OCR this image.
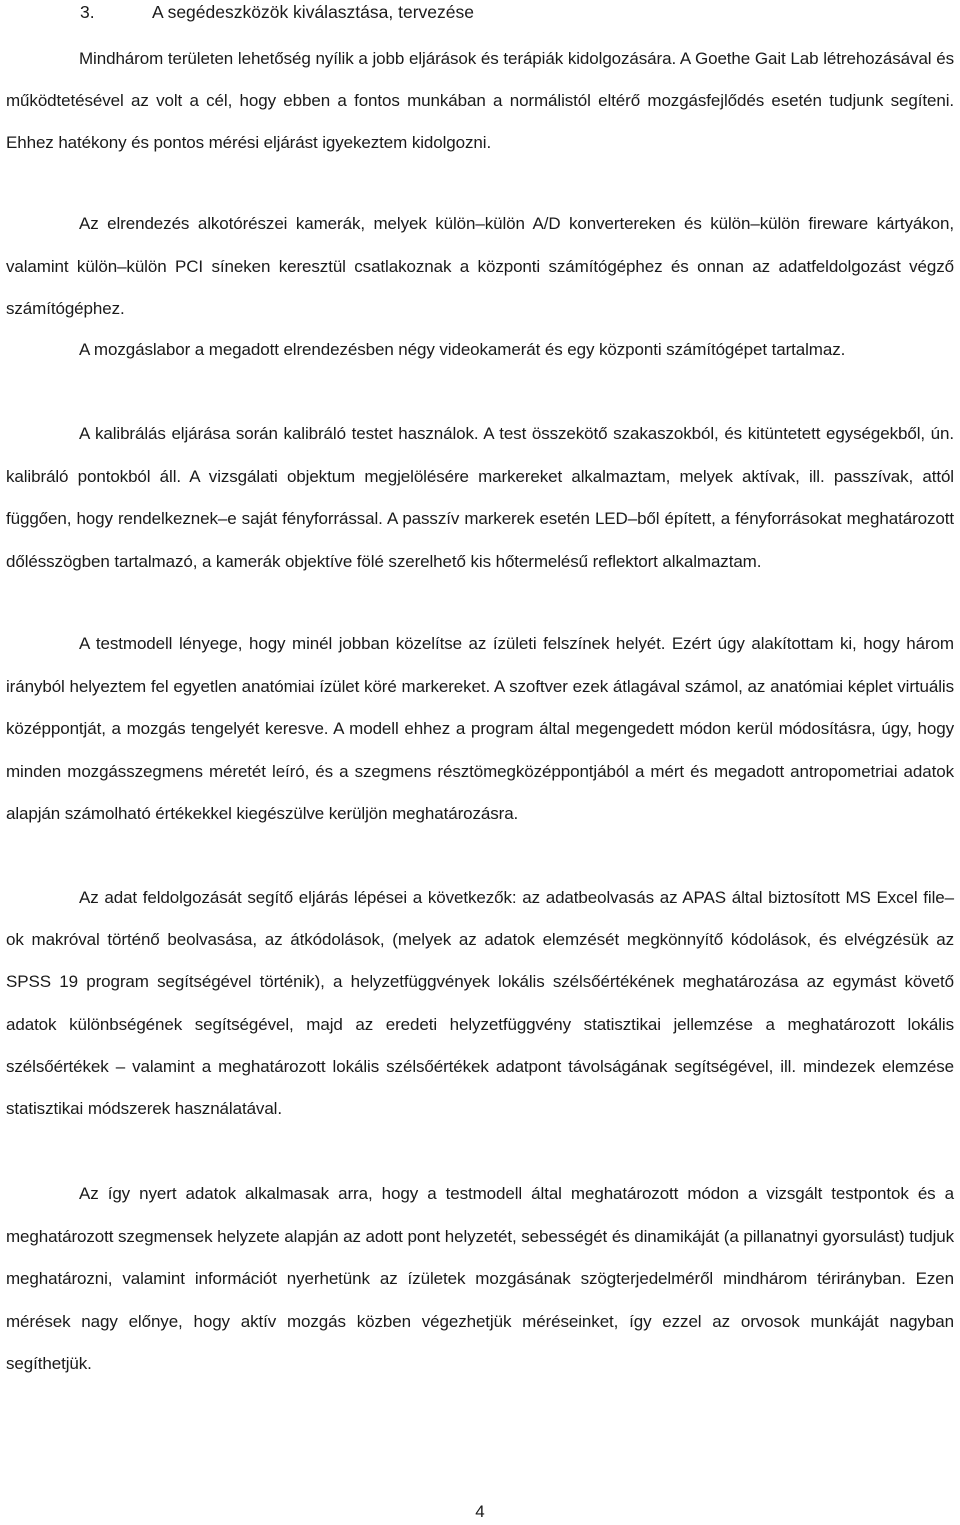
3.	A segédeszközök kiválasztása, tervezése

Mindhárom területen lehetőség nyílik a jobb eljárások és terápiák kidolgozására. A Goethe Gait Lab létrehozásával és működtetésével az volt a cél, hogy ebben a fontos munkában a normálistól eltérő mozgásfejlődés esetén tudjunk segíteni. Ehhez hatékony és pontos mérési eljárást igyekeztem kidolgozni.

Az elrendezés alkotórészei kamerák, melyek külön–külön A/D konvertereken és külön–külön fireware kártyákon, valamint külön–külön PCI síneken keresztül csatlakoznak a központi számítógéphez és onnan az adatfeldolgozást végző számítógéphez.

A mozgáslabor a megadott elrendezésben négy videokamerát és egy központi számítógépet tartalmaz.

A kalibrálás eljárása során kalibráló testet használok. A test összekötő szakaszokból, és kitüntetett egységekből, ún. kalibráló pontokból áll. A vizsgálati objektum megjelölésére markereket alkalmaztam, melyek aktívak, ill. passzívak, attól függően, hogy rendelkeznek–e saját fényforrással. A passzív markerek esetén LED–ből épített, a fényforrásokat meghatározott dőlésszögben tartalmazó, a kamerák objektíve fölé szerelhető kis hőtermelésű reflektort alkalmaztam.

A testmodell lényege, hogy minél jobban közelítse az ízületi felszínek helyét. Ezért úgy alakítottam ki, hogy három irányból helyeztem fel egyetlen anatómiai ízület köré markereket. A szoftver ezek átlagával számol, az anatómiai képlet virtuális középpontját, a mozgás tengelyét keresve. A modell ehhez a program által megengedett módon kerül módosításra, úgy, hogy minden mozgásszegmens méretét leíró, és a szegmens résztömegközéppontjából a mért és megadott antropometriai adatok alapján számolható értékekkel kiegészülve kerüljön meghatározásra.

Az adat feldolgozását segítő eljárás lépései a következők: az adatbeolvasás az APAS által biztosított MS Excel file–ok makróval történő beolvasása, az átkódolások, (melyek az adatok elemzését megkönnyítő kódolások, és elvégzésük az SPSS 19 program segítségével történik), a helyzetfüggvények lokális szélsőértékének meghatározása az egymást követő adatok különbségének segítségével, majd az eredeti helyzetfüggvény statisztikai jellemzése a meghatározott lokális szélsőértékek – valamint a meghatározott lokális szélsőértékek adatpont távolságának segítségével, ill. mindezek elemzése statisztikai módszerek használatával.

Az így nyert adatok alkalmasak arra, hogy a testmodell által meghatározott módon a vizsgált testpontok és a meghatározott szegmensek helyzete alapján az adott pont helyzetét, sebességét és dinamikáját (a pillanatnyi gyorsulást) tudjuk meghatározni, valamint információt nyerhetünk az ízületek mozgásának szögterjedelméről mindhárom térirányban. Ezen mérések nagy előnye, hogy aktív mozgás közben végezhetjük méréseinket, így ezzel az orvosok munkáját nagyban segíthetjük.

4
